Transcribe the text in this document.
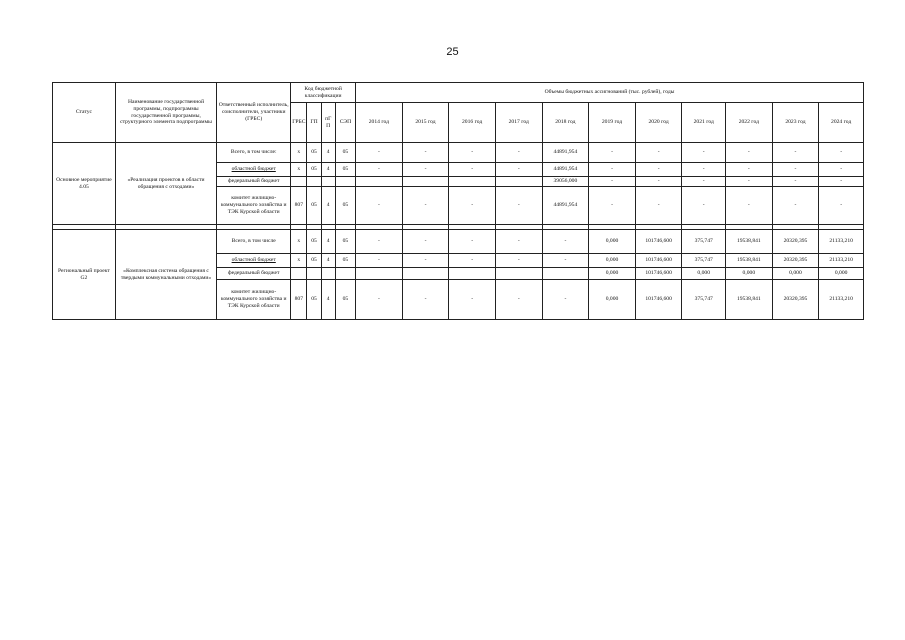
25
Статус	Наименование государственной программы, подпрограммы государственной программы, структурного элемента подпрограммы	Ответственный исполнитель, соисполнители, участники (ГРБС)	Код бюджетной классификации				Объемы бюджетных ассигнований (тыс. рублей), годы										
			ГРБС	ГП	пГ П	СЭП	2014 год	2015 год	2016 год	2017 год	2018 год	2019 год	2020 год	2021 год	2022 год	2023 год	2024 год
Основное мероприятие 4.05	«Реализация проектов в области обращения с отходами»	Всего, в том числе:	х	05	4	05	-	-	-	-	44891,954	-	-	-	-	-	-
		областной бюджет	х	05	4	05	-	-	-	-	44891,954	-	-	-	-	-	-
		федеральный бюджет									39056,000	-	-	-	-	-	-
		комитет жилищно-коммунального хозяйства и ТЭК Курской области	807	05	4	05	-	-	-	-	44891,954	-	-	-	-	-	-

Региональный проект G2	«Комплексная система обращения с твердыми коммунальными отходами»	Всего, в том числе	х	05	4	05	-	-	-	-	-	0,000	101746,600	375,747	19538,841	20320,395	21133,210
		областной бюджет	х	05	4	05	-	-	-	-	-	0,000	101746,600	375,747	19538,841	20320,395	21133,210
		федеральный бюджет										0,000	101746,600	0,000	0,000	0,000	0,000
		комитет жилищно-коммунального хозяйства и ТЭК Курской области	807	05	4	05	-	-	-	-	-	0,000	101746,600	375,747	19538,841	20320,395	21133,210
